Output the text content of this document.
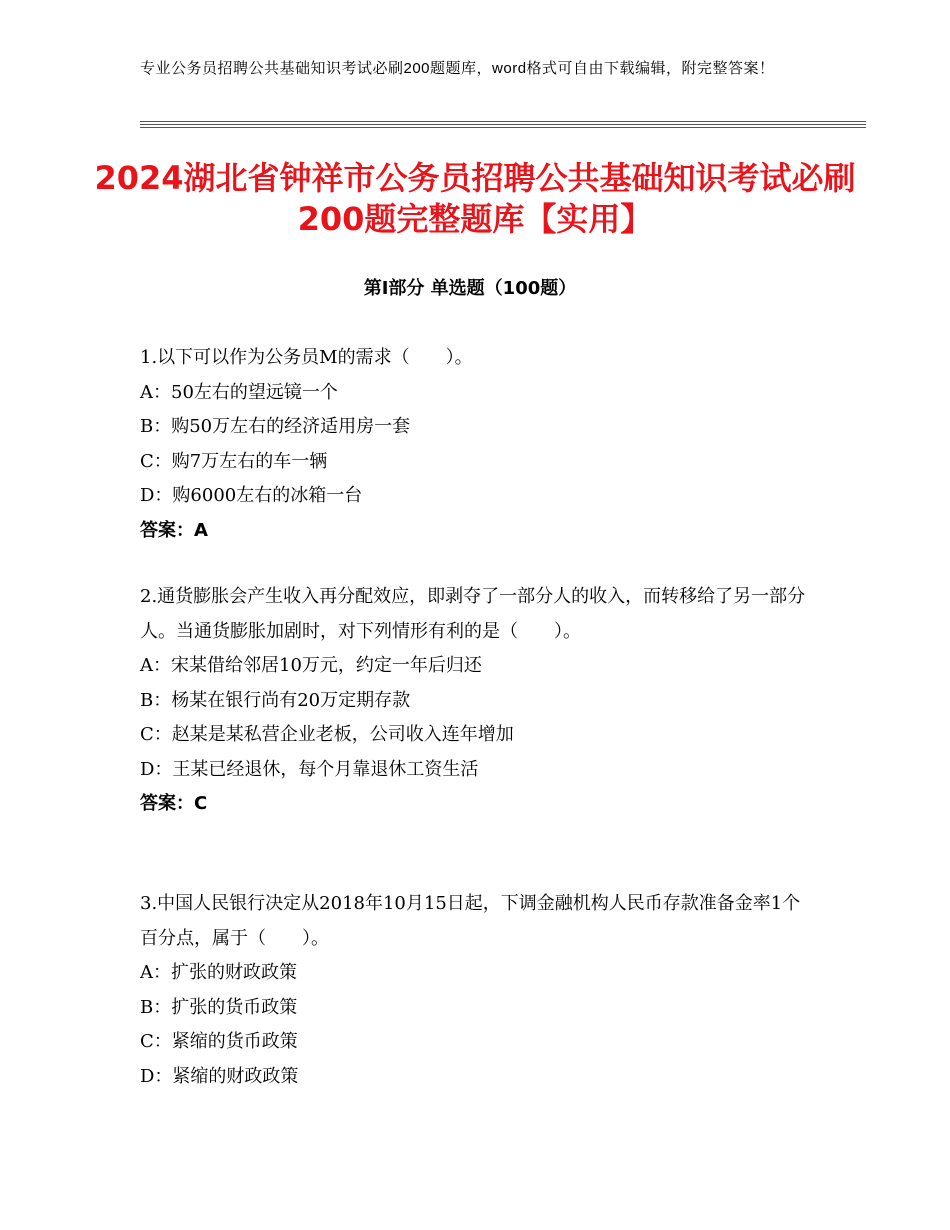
专业公务员招聘公共基础知识考试必刷200题题库，word格式可自由下载编辑，附完整答案！
2024湖北省钟祥市公务员招聘公共基础知识考试必刷200题完整题库【实用】
第I部分 单选题（100题）
1.以下可以作为公务员M的需求（　　）。
A：50左右的望远镜一个
B：购50万左右的经济适用房一套
C：购7万左右的车一辆
D：购6000左右的冰箱一台
答案：A
2.通货膨胀会产生收入再分配效应，即剥夺了一部分人的收入，而转移给了另一部分人。当通货膨胀加剧时，对下列情形有利的是（　　）。
A：宋某借给邻居10万元，约定一年后归还
B：杨某在银行尚有20万定期存款
C：赵某是某私营企业老板，公司收入连年增加
D：王某已经退休，每个月靠退休工资生活
答案：C
3.中国人民银行决定从2018年10月15日起，下调金融机构人民币存款准备金率1个百分点，属于（　　）。
A：扩张的财政政策
B：扩张的货币政策
C：紧缩的货币政策
D：紧缩的财政政策
